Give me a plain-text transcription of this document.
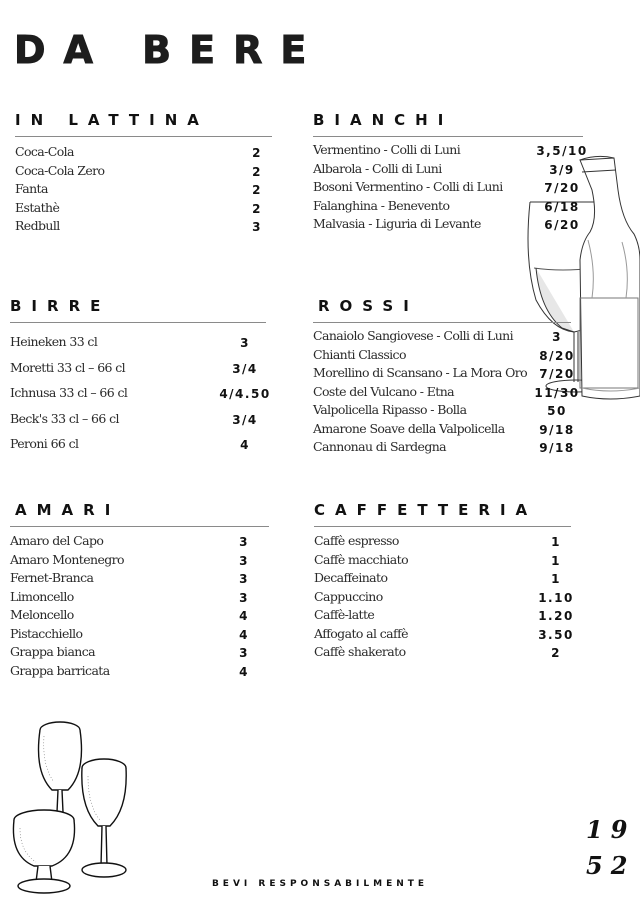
DA BERE
IN LATTINA
Coca-Cola	2
Coca-Cola Zero	2
Fanta	2
Estathè	2
Redbull	3
BIANCHI
Vermentino - Colli di Luni	3,5/10
Albarola - Colli di Luni	3/9
Bosoni Vermentino - Colli di Luni	7/20
Falanghina - Benevento	6/18
Malvasia - Liguria di Levante	6/20
BIRRE
Heineken 33 cl	3
Moretti 33 cl – 66 cl	3/4
Ichnusa 33 cl – 66 cl	4/4.50
Beck's 33 cl – 66 cl	3/4
Peroni 66 cl	4
ROSSI
Canaiolo Sangiovese - Colli di Luni	3
Chianti Classico	8/20
Morellino di Scansano - La Mora Oro 7/20
Coste del Vulcano - Etna	11/30
Valpolicella Ripasso - Bolla	50
Amarone Soave della Valpolicella	9/18
Cannonau di Sardegna	9/18
AMARI
Amaro del Capo	3
Amaro Montenegro	3
Fernet-Branca	3
Limoncello	3
Meloncello	4
Pistacchiello	4
Grappa bianca	3
Grappa barricata	4
CAFFETTERIA
Caffè espresso	1
Caffè macchiato	1
Decaffeinato	1
Cappuccino	1.10
Caffè-latte	1.20
Affogato al caffè	3.50
Caffè shakerato	2
19
52
BEVI RESPONSABILMENTE
